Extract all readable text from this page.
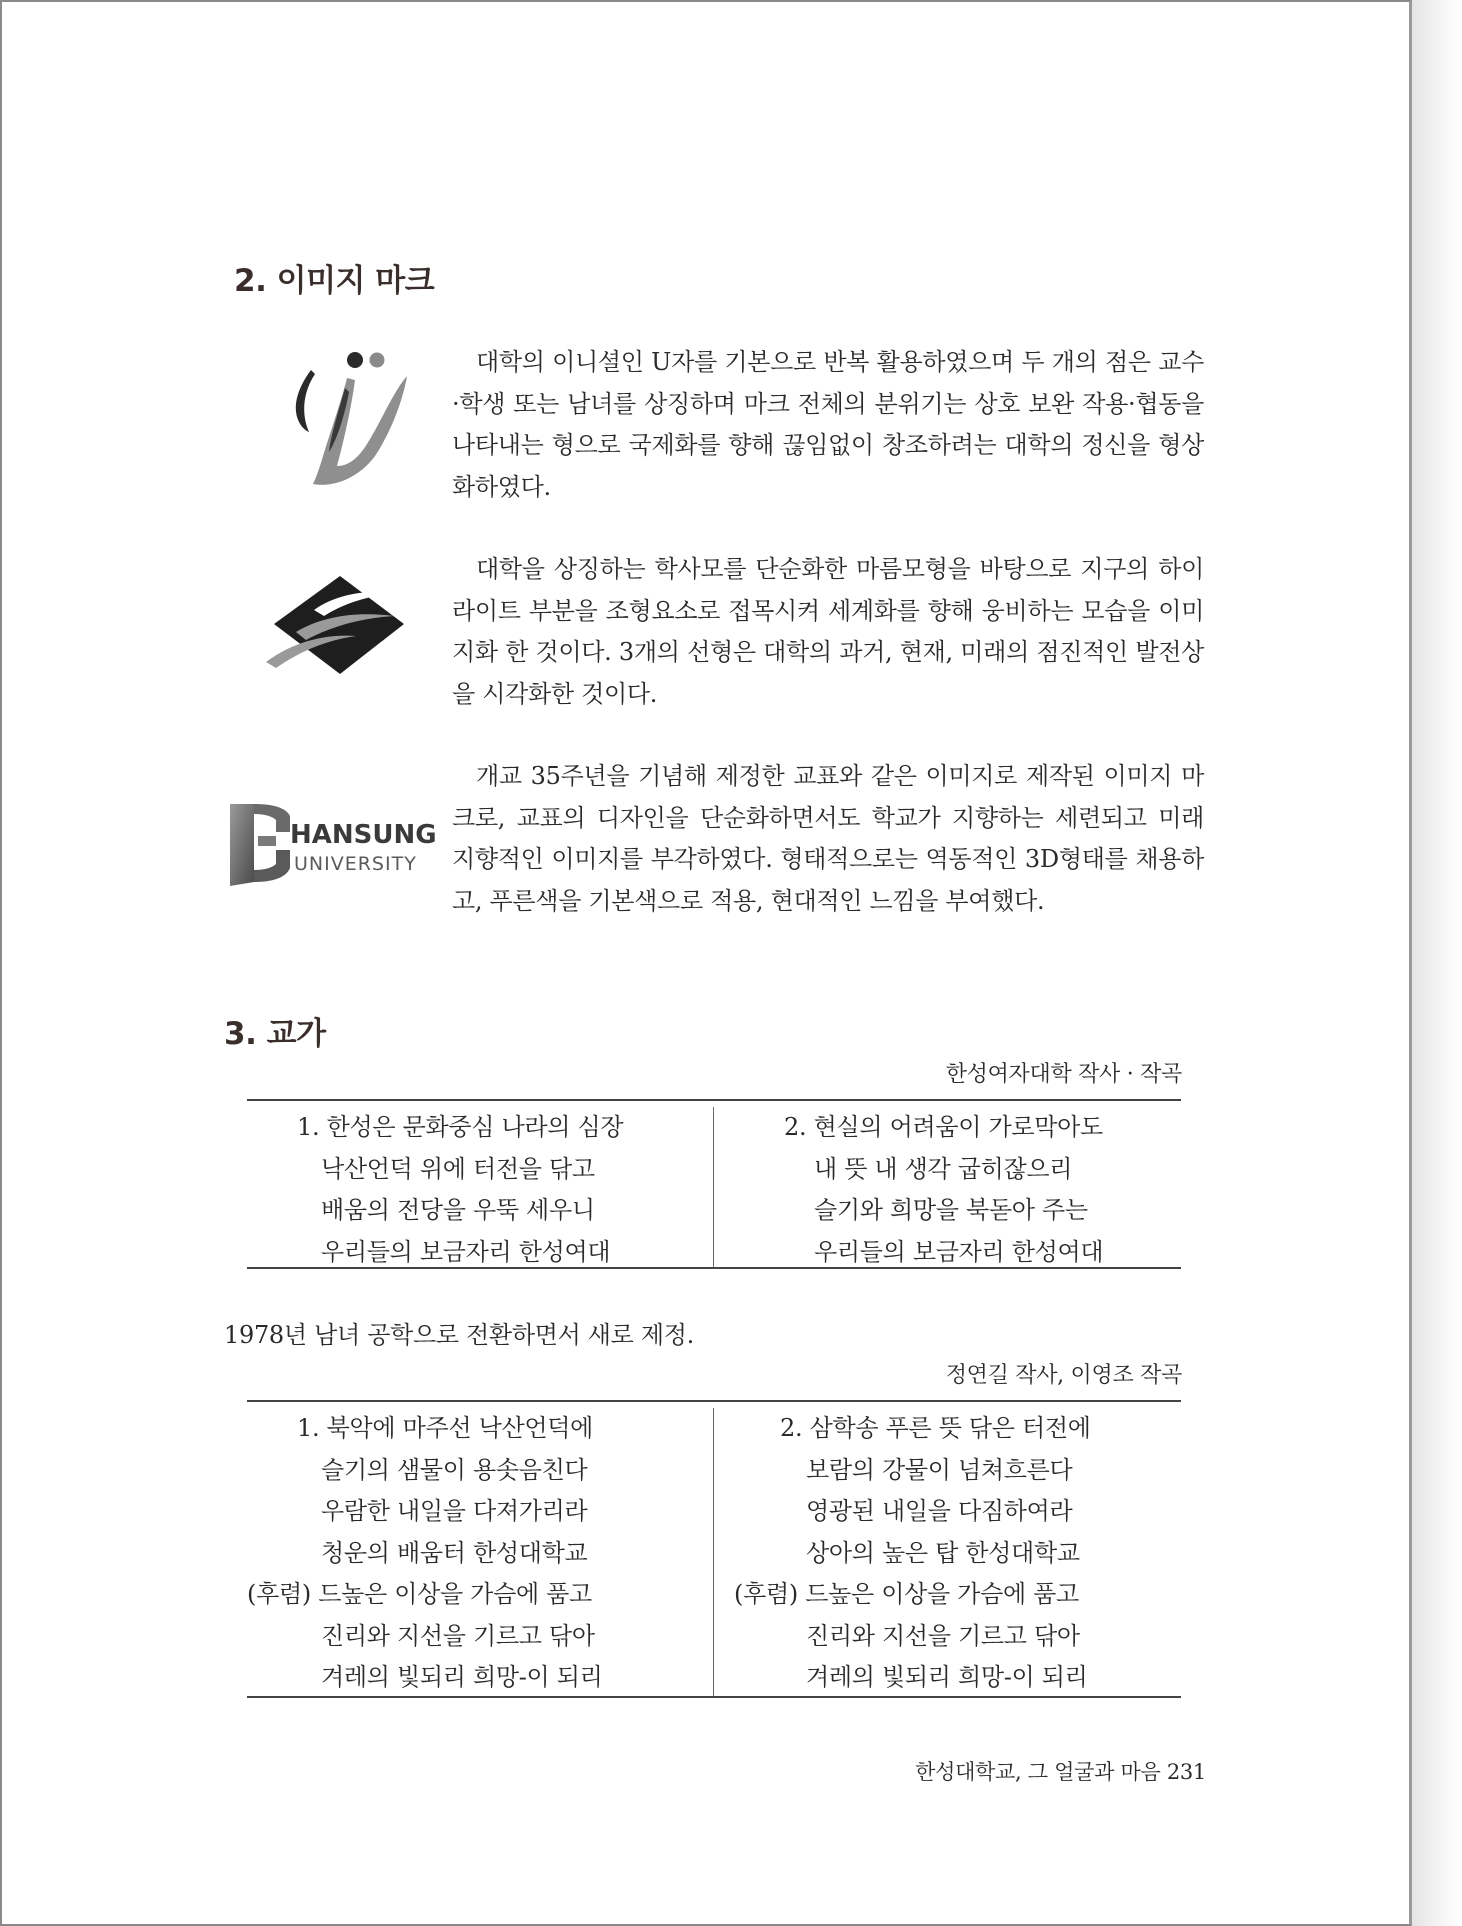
2. 이미지 마크
대학의 이니셜인 U자를 기본으로 반복 활용하였으며 두 개의 점은 교수·학생 또는 남녀를 상징하며 마크 전체의 분위기는 상호 보완 작용·협동을 나타내는 형으로 국제화를 향해 끊임없이 창조하려는 대학의 정신을 형상화하였다.
대학을 상징하는 학사모를 단순화한 마름모형을 바탕으로 지구의 하이라이트 부분을 조형요소로 접목시켜 세계화를 향해 웅비하는 모습을 이미지화 한 것이다. 3개의 선형은 대학의 과거, 현재, 미래의 점진적인 발전상을 시각화한 것이다.
HANSUNG
UNIVERSITY
개교 35주년을 기념해 제정한 교표와 같은 이미지로 제작된 이미지 마크로, 교표의 디자인을 단순화하면서도 학교가 지향하는 세련되고 미래 지향적인 이미지를 부각하였다. 형태적으로는 역동적인 3D형태를 채용하고, 푸른색을 기본색으로 적용, 현대적인 느낌을 부여했다.
3. 교가
한성여자대학 작사 · 작곡
1. 한성은 문화중심 나라의 심장
낙산언덕 위에 터전을 닦고
배움의 전당을 우뚝 세우니
우리들의 보금자리 한성여대
2. 현실의 어려움이 가로막아도
내 뜻 내 생각 굽히잖으리
슬기와 희망을 북돋아 주는
우리들의 보금자리 한성여대
1978년 남녀 공학으로 전환하면서 새로 제정.
정연길 작사, 이영조 작곡
1. 북악에 마주선 낙산언덕에
슬기의 샘물이 용솟음친다
우람한 내일을 다져가리라
청운의 배움터 한성대학교
(후렴) 드높은 이상을 가슴에 품고
진리와 지선을 기르고 닦아
겨레의 빛되리 희망-이 되리
2. 삼학송 푸른 뜻 닦은 터전에
보람의 강물이 넘쳐흐른다
영광된 내일을 다짐하여라
상아의 높은 탑 한성대학교
(후렴) 드높은 이상을 가슴에 품고
진리와 지선을 기르고 닦아
겨레의 빛되리 희망-이 되리
한성대학교, 그 얼굴과 마음 231
